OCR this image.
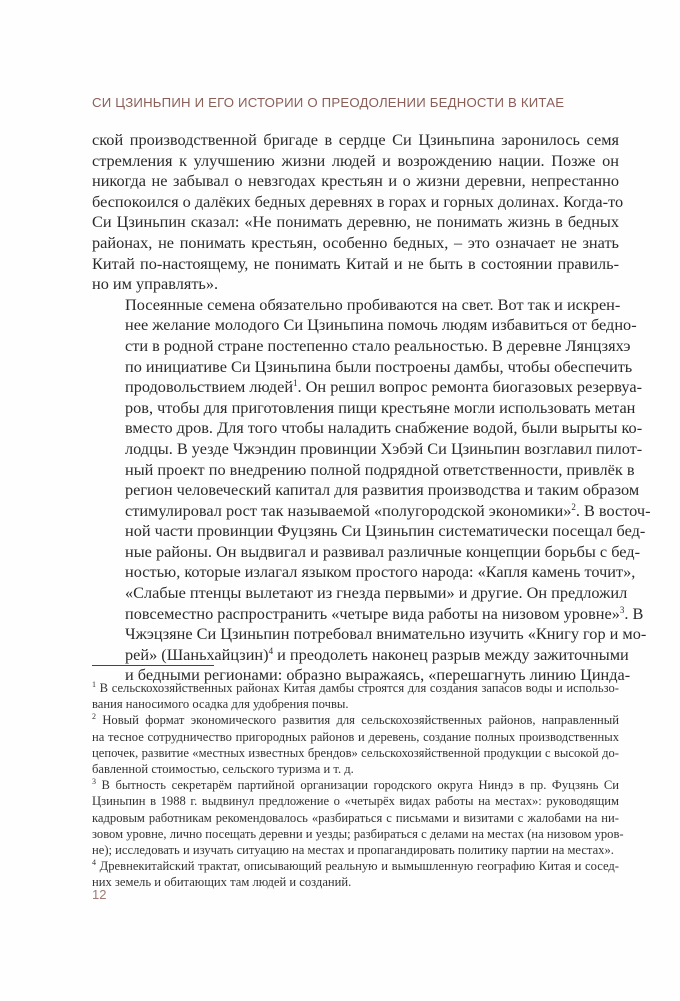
СИ ЦЗИНЬПИН И ЕГО ИСТОРИИ О ПРЕОДОЛЕНИИ БЕДНОСТИ В КИТАЕ

ской производственной бригаде в сердце Си Цзиньпина заронилось семя
стремления к улучшению жизни людей и возрождению нации. Позже он
никогда не забывал о невзгодах крестьян и о жизни деревни, непрестанно
беспокоился о далёких бедных деревнях в горах и горных долинах. Когда-то
Си Цзиньпин сказал: «Не понимать деревню, не понимать жизнь в бедных
районах, не понимать крестьян, особенно бедных, – это означает не знать
Китай по-настоящему, не понимать Китай и не быть в состоянии правиль-
но им управлять».

Посеянные семена обязательно пробиваются на свет. Вот так и искрен-
нее желание молодого Си Цзиньпина помочь людям избавиться от бедно-
сти в родной стране постепенно стало реальностью. В деревне Лянцзяхэ
по инициативе Си Цзиньпина были построены дамбы, чтобы обеспечить
продовольствием людей$^1$. Он решил вопрос ремонта биогазовых резервуа-
ров, чтобы для приготовления пищи крестьяне могли использовать метан
вместо дров. Для того чтобы наладить снабжение водой, были вырыты ко-
лодцы. В уезде Чжэндин провинции Хэбэй Си Цзиньпин возглавил пилот-
ный проект по внедрению полной подрядной ответственности, привлёк в
регион человеческий капитал для развития производства и таким образом
стимулировал рост так называемой «полугородской экономики»$^2$. В восточ-
ной части провинции Фуцзянь Си Цзиньпин систематически посещал бед-
ные районы. Он выдвигал и развивал различные концепции борьбы с бед-
ностью, которые излагал языком простого народа: «Капля камень точит»,
«Слабые птенцы вылетают из гнезда первыми» и другие. Он предложил
повсеместно распространить «четыре вида работы на низовом уровне»$^3$. В
Чжэцзяне Си Цзиньпин потребовал внимательно изучить «Книгу гор и мо-
рей» (Шаньхайцзин)$^4$ и преодолеть наконец разрыв между зажиточными
и бедными регионами: образно выражаясь, «перешагнуть линию Цинда-

$^1$ В сельскохозяйственных районах Китая дамбы строятся для создания запасов воды и использо-
вания наносимого осадка для удобрения почвы.
$^2$ Новый формат экономического развития для сельскохозяйственных районов, направленный
на тесное сотрудничество пригородных районов и деревень, создание полных производственных
цепочек, развитие «местных известных брендов» сельскохозяйственной продукции с высокой до-
бавленной стоимостью, сельского туризма и т. д.
$^3$ В бытность секретарём партийной организации городского округа Ниндэ в пр. Фуцзянь Си
Цзиньпин в 1988 г. выдвинул предложение о «четырёх видах работы на местах»: руководящим
кадровым работникам рекомендовалось «разбираться с письмами и визитами с жалобами на ни-
зовом уровне, лично посещать деревни и уезды; разбираться с делами на местах (на низовом уров-
не); исследовать и изучать ситуацию на местах и пропагандировать политику партии на местах».
$^4$ Древнекитайский трактат, описывающий реальную и вымышленную географию Китая и сосед-
них земель и обитающих там людей и созданий.
12
